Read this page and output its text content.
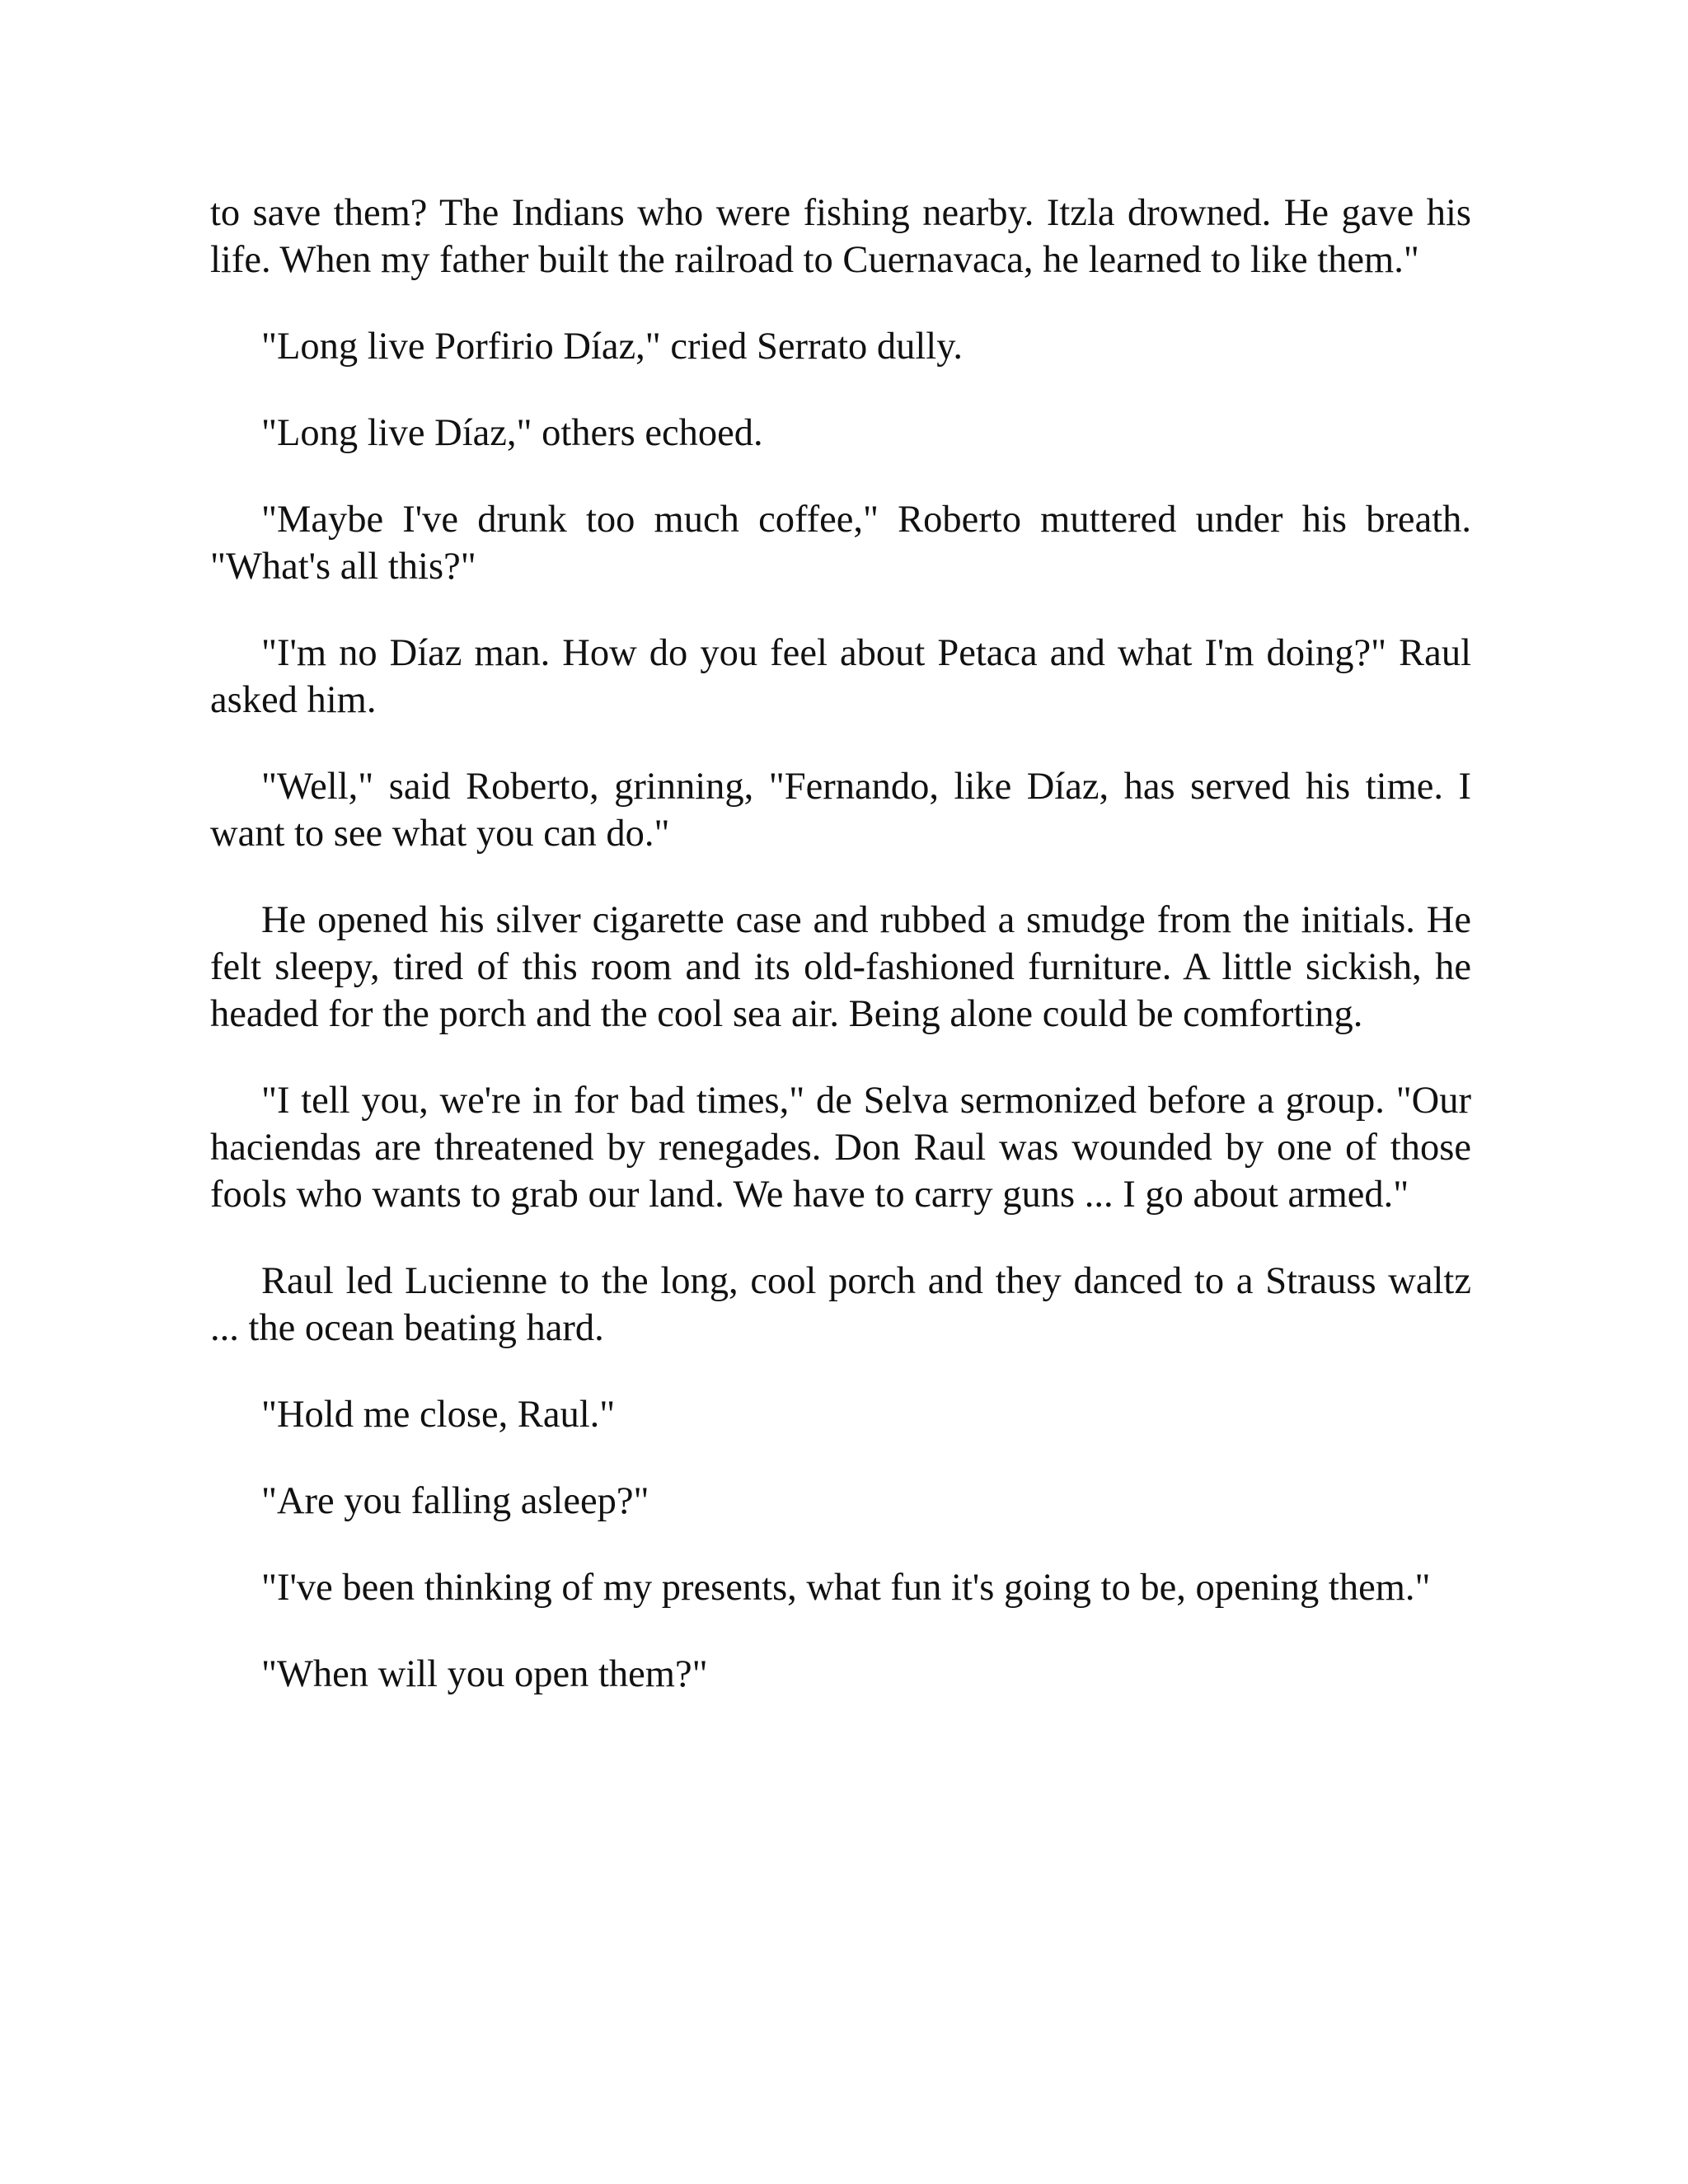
to save them? The Indians who were fishing nearby. Itzla drowned. He gave his life. When my father built the railroad to Cuernavaca, he learned to like them."

"Long live Porfirio Díaz," cried Serrato dully.

"Long live Díaz," others echoed.

"Maybe I've drunk too much coffee," Roberto muttered under his breath. "What's all this?"

"I'm no Díaz man. How do you feel about Petaca and what I'm doing?" Raul asked him.

"Well," said Roberto, grinning, "Fernando, like Díaz, has served his time. I want to see what you can do."

He opened his silver cigarette case and rubbed a smudge from the initials. He felt sleepy, tired of this room and its old-fashioned furniture. A little sickish, he headed for the porch and the cool sea air. Being alone could be comforting.

"I tell you, we're in for bad times," de Selva sermonized before a group. "Our haciendas are threatened by renegades. Don Raul was wounded by one of those fools who wants to grab our land. We have to carry guns ... I go about armed."

Raul led Lucienne to the long, cool porch and they danced to a Strauss waltz ... the ocean beating hard.

"Hold me close, Raul."

"Are you falling asleep?"

"I've been thinking of my presents, what fun it's going to be, opening them."

"When will you open them?"
